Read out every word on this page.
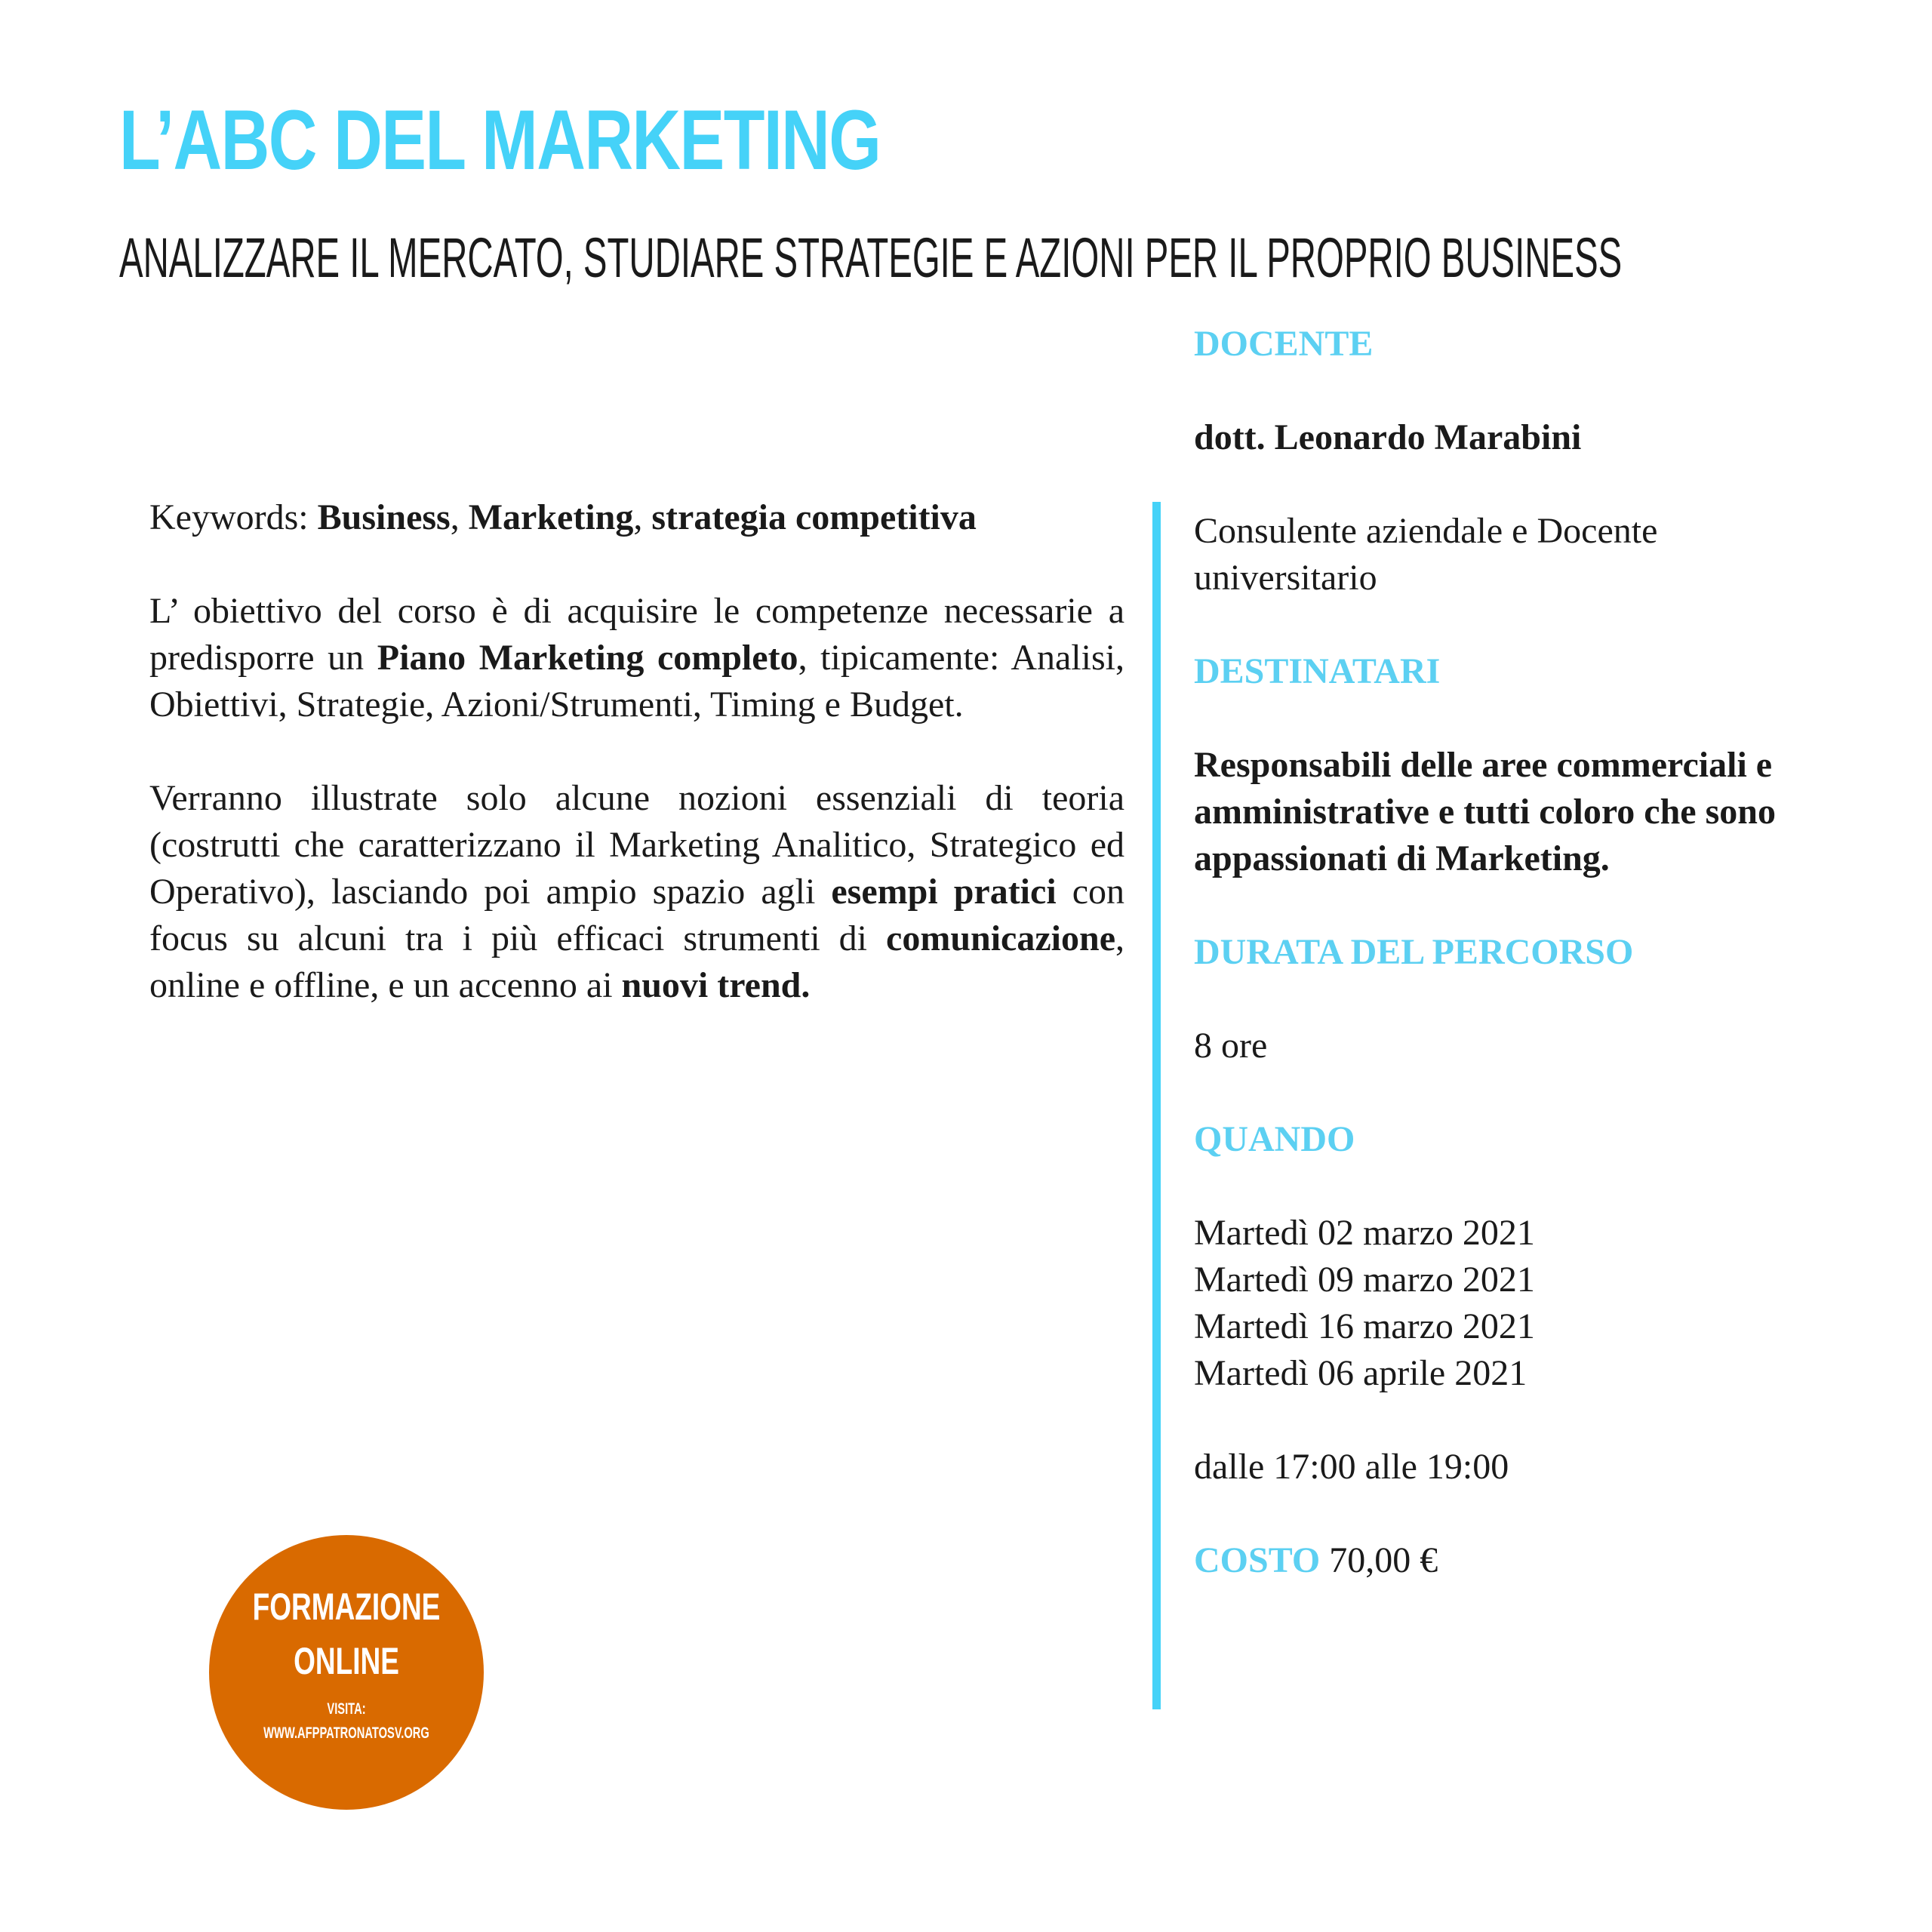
L’ABC DEL MARKETING
ANALIZZARE IL MERCATO, STUDIARE STRATEGIE E AZIONI PER IL PROPRIO BUSINESS

Keywords: Business, Marketing, strategia competitiva

L’ obiettivo del corso è di acquisire le competenze necessarie a predisporre un Piano Marketing completo, tipicamente: Analisi, Obiettivi, Strategie, Azioni/Strumenti, Timing e Budget.

Verranno illustrate solo alcune nozioni essenziali di teoria (costrutti che caratterizzano il Marketing Analitico, Strategico ed Operativo), lasciando poi ampio spazio agli esempi pratici con focus su alcuni tra i più efficaci strumenti di comunicazione, online e offline, e un accenno ai nuovi trend.

DOCENTE
dott. Leonardo Marabini
Consulente aziendale e Docente universitario
DESTINATARI
Responsabili delle aree commerciali e amministrative e tutti coloro che sono appassionati di Marketing.
DURATA DEL PERCORSO
8 ore
QUANDO
Martedì 02 marzo 2021
Martedì 09 marzo 2021
Martedì 16 marzo 2021
Martedì 06 aprile 2021
dalle 17:00 alle 19:00
COSTO 70,00 €
FORMAZIONE
ONLINE
VISITA:
WWW.AFPPATRONATOSV.ORG
